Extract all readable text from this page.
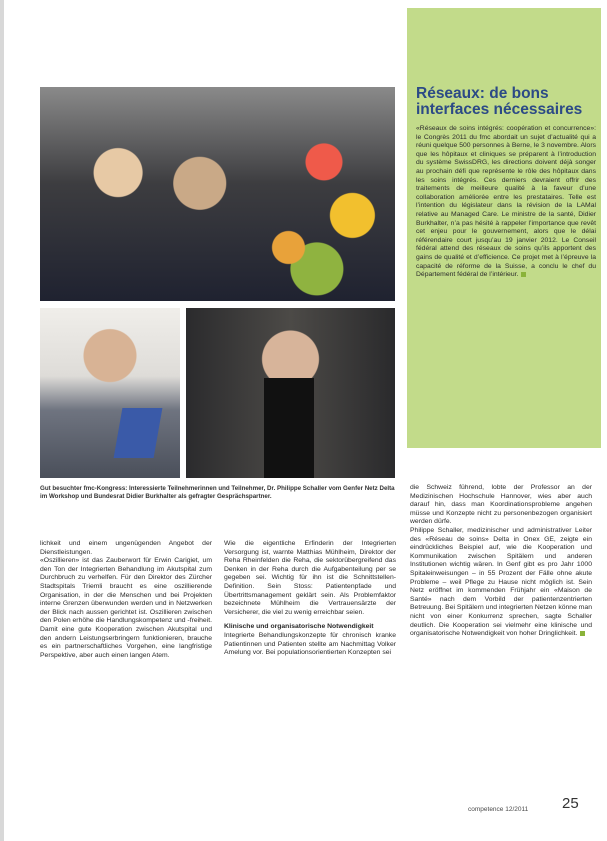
Gut besuchter fmc-Kongress: Interessierte Teilnehmerinnen und Teilnehmer, Dr. Philippe Schaller vom Genfer Netz Delta im Workshop und Bundesrat Didier Burkhalter als gefragter Gesprächspartner.
Réseaux: de bons interfaces nécessaires

«Réseaux de soins intégrés: coopération et concurrence»: le Congrès 2011 du fmc abordait un sujet d’actualité qui a réuni quelque 500 personnes à Berne, le 3 novembre. Alors que les hôpitaux et cliniques se préparent à l’introduction du système SwissDRG, les directions doivent déjà songer au prochain défi que représente le rôle des hôpitaux dans les soins intégrés. Ces derniers devraient offrir des traitements de meilleure qualité à la faveur d’une collaboration améliorée entre les prestataires. Telle est l’intention du législateur dans la révision de la LAMal relative au Managed Care. Le ministre de la santé, Didier Burkhalter, n’a pas hésité à rappeler l’importance que revêt cet enjeu pour le gouvernement, alors que le délai référendaire court jusqu’au 19 janvier 2012. Le Conseil fédéral attend des réseaux de soins qu’ils apportent des gains de qualité et d’efficience. Ce projet met à l’épreuve la capacité de réforme de la Suisse, a conclu le chef du Département fédéral de l’intérieur.

lichkeit und einem ungenügenden Angebot der Dienstleistungen.

«Oszillieren» ist das Zauberwort für Erwin Carigiet, um den Ton der Integrierten Behandlung im Akutspital zum Durchbruch zu verhelfen. Für den Direktor des Zürcher Stadtspitals Triemli braucht es eine oszillierende Organisation, in der die Menschen und bei Projekten interne Grenzen überwunden werden und in Netzwerken der Blick nach aussen gerichtet ist. Oszillieren zwischen den Polen erhöhe die Handlungskompetenz und -freiheit. Damit eine gute Kooperation zwischen Akutspital und den andern Leistungserbringern funktionieren, brauche es ein partnerschaftliches Vorgehen, eine langfristige Perspektive, aber auch einen langen Atem.

Wie die eigentliche Erfinderin der Integrierten Versorgung ist, warnte Matthias Mühlheim, Direktor der Reha Rheinfelden die Reha, die sektorübergreifend das Denken in der Reha durch die Aufgabenteilung per se gegeben sei. Wichtig für ihn ist die Schnittstellen-Definition. Sein Stoss: Patientenpfade und Übertrittsmanagement geklärt sein. Als Problemfaktor bezeichnete Mühlheim die Vertrauensärzte der Versicherer, die viel zu wenig erreichbar seien.

Klinische und organisatorische Notwendigkeit

Integrierte Behandlungskonzepte für chronisch kranke Patientinnen und Patienten stellte am Nachmittag Volker Amelung vor. Bei populationsorientierten Konzepten sei

die Schweiz führend, lobte der Professor an der Medizinischen Hochschule Hannover, wies aber auch darauf hin, dass man Koordinationsprobleme angehen müsse und Konzepte nicht zu personenbezogen organisiert werden dürfe.

Philippe Schaller, medizinischer und administrativer Leiter des «Réseau de soins» Delta in Onex GE, zeigte ein eindrückliches Beispiel auf, wie die Kooperation und Kommunikation zwischen Spitälern und anderen Institutionen wichtig wären. In Genf gibt es pro Jahr 1000 Spitaleinweisungen – in 55 Prozent der Fälle ohne akute Probleme – weil Pflege zu Hause nicht möglich ist. Sein Netz eröffnet im kommenden Frühjahr ein «Maison de Santé» nach dem Vorbild der patientenzentrierten Betreuung. Bei Spitälern und integrierten Netzen könne man nicht von einer Konkurrenz sprechen, sagte Schaller deutlich. Die Kooperation sei vielmehr eine klinische und organisatorische Notwendigkeit von hoher Dringlichkeit.

competence 12/2011 25
